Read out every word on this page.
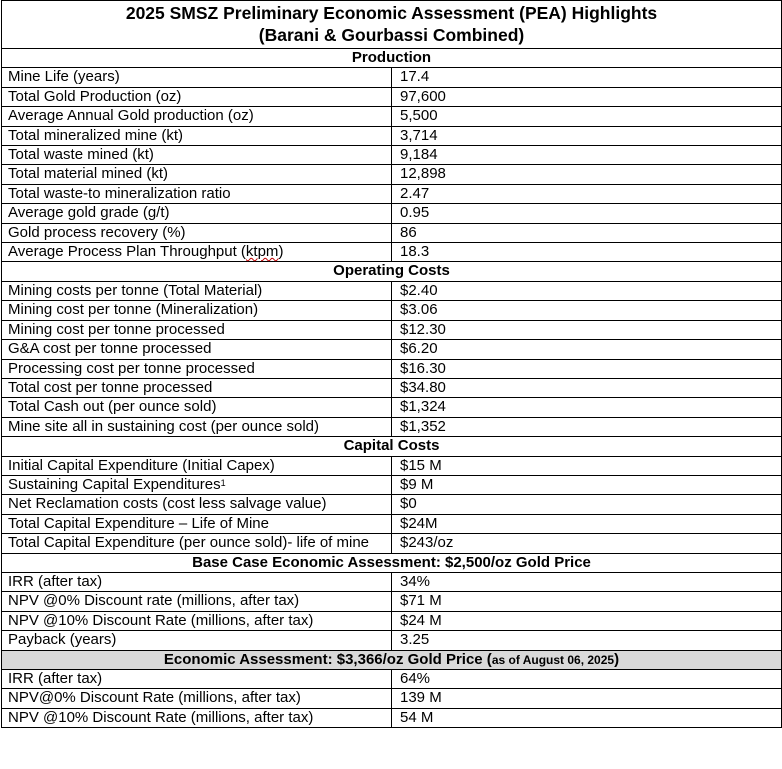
2025 SMSZ Preliminary Economic Assessment (PEA) Highlights
(Barani & Gourbassi Combined)	
Production	
Mine Life (years)	17.4
Total Gold Production (oz)	97,600
Average Annual Gold production (oz)	5,500
Total mineralized mine (kt)	3,714
Total waste mined (kt)	9,184
Total material mined (kt)	12,898
Total waste-to mineralization ratio	2.47
Average gold grade (g/t)	0.95
Gold process recovery (%)	86
Average Process Plan Throughput (ktpm)	18.3
Operating Costs	
Mining costs per tonne (Total Material)	$2.40
Mining cost per tonne (Mineralization)	$3.06
Mining cost per tonne processed	$12.30
G&A cost per tonne processed	$6.20
Processing cost per tonne processed	$16.30
Total cost per tonne processed	$34.80
Total Cash out (per ounce sold)	$1,324
Mine site all in sustaining cost (per ounce sold)	$1,352
Capital Costs	
Initial Capital Expenditure (Initial Capex)	$15 M
Sustaining Capital Expenditures$^1$	$9 M
Net Reclamation costs (cost less salvage value)	$0
Total Capital Expenditure – Life of Mine	$24M
Total Capital Expenditure (per ounce sold)- life of mine	$243/oz
Base Case Economic Assessment: $2,500/oz Gold Price	
IRR (after tax)	34%
NPV @0% Discount rate (millions, after tax)	$71 M
NPV @10% Discount Rate (millions, after tax)	$24 M
Payback (years)	3.25
Economic Assessment: $3,366/oz Gold Price (as of August 06, 2025)	
IRR (after tax)	64%
NPV@0% Discount Rate (millions, after tax)	139 M
NPV @10% Discount Rate (millions, after tax)	54 M
